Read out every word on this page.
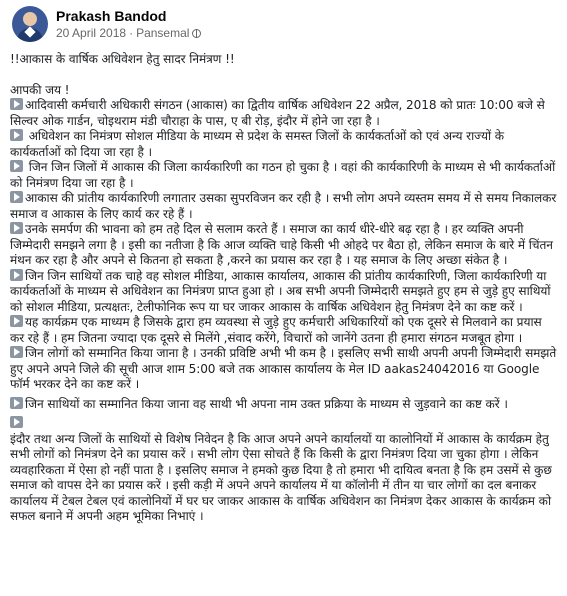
Prakash Bandod
20 April 2018 · Pansemal

!!आकास के वार्षिक अधिवेशन हेतु सादर निमंत्रण !!

आपकी जय !

आदिवासी कर्मचारी अधिकारी संगठन (आकास) का द्वितीय वार्षिक अधिवेशन 22 अप्रैल, 2018 को प्रातः 10:00 बजे से सिल्वर ओक गार्डन, चोइथराम मंडी चौराहा के पास, ए बी रोड़, इंदौर में होने जा रहा है ।

अधिवेशन का निमंत्रण सोशल मीडिया के माध्यम से प्रदेश के समस्त जिलों के कार्यकर्ताओं को एवं अन्य राज्यों के कार्यकर्ताओं को दिया जा रहा है ।

जिन जिन जिलों में आकास की जिला कार्यकारिणी का गठन हो चुका है । वहां की कार्यकारिणी के माध्यम से भी कार्यकर्ताओं को निमंत्रण दिया जा रहा है ।

आकास की प्रांतीय कार्यकारिणी लगातार उसका सुपरविजन कर रही है । सभी लोग अपने व्यस्तम समय में से समय निकालकर समाज व आकास के लिए कार्य कर रहे हैं ।

उनके समर्पण की भावना को हम तहे दिल से सलाम करते हैं । समाज का कार्य धीरे-धीरे बढ़ रहा है । हर व्यक्ति अपनी जिम्मेदारी समझने लगा है । इसी का नतीजा है कि आज व्यक्ति चाहे किसी भी ओहदे पर बैठा हो, लेकिन समाज के बारे में चिंतन मंथन कर रहा है और अपने से कितना हो सकता है ,करने का प्रयास कर रहा है । यह समाज के लिए अच्छा संकेत है ।

जिन जिन साथियों तक चाहे वह सोशल मीडिया, आकास कार्यालय, आकास की प्रांतीय कार्यकारिणी, जिला कार्यकारिणी या कार्यकर्ताओं के माध्यम से अधिवेशन का निमंत्रण प्राप्त हुआ हो । अब सभी अपनी जिम्मेदारी समझते हुए हम से जुड़े हुए साथियों को सोशल मीडिया, प्रत्यक्षतः, टेलीफोनिक रूप या घर जाकर आकास के वार्षिक अधिवेशन हेतु निमंत्रण देने का कष्ट करें ।

यह कार्यक्रम एक माध्यम है जिसके द्वारा हम व्यवस्था से जुड़े हुए कर्मचारी अधिकारियों को एक दूसरे से मिलवाने का प्रयास कर रहे हैं । हम जितना ज्यादा एक दूसरे से मिलेंगे ,संवाद करेंगे, विचारों को जानेंगे उतना ही हमारा संगठन मजबूत होगा ।

जिन लोगों को सम्मानित किया जाना है । उनकी प्रविष्टि अभी भी कम है । इसलिए सभी साथी अपनी अपनी जिम्मेदारी समझते हुए अपने अपने जिले की सूची आज शाम 5:00 बजे तक आकास कार्यालय के मेल ID aakas24042016 या Google फॉर्म भरकर देने का कष्ट करें ।

जिन साथियों का सम्मानित किया जाना वह साथी भी अपना नाम उक्त प्रक्रिया के माध्यम से जुड़वाने का कष्ट करें ।

इंदौर तथा अन्य जिलों के साथियों से विशेष निवेदन है कि आज अपने अपने कार्यालयों या कालोनियों में आकास के कार्यक्रम हेतु सभी लोगों को निमंत्रण देने का प्रयास करें । सभी लोग ऐसा सोचते हैं कि किसी के द्वारा निमंत्रण दिया जा चुका होगा । लेकिन व्यवहारिकता में ऐसा हो नहीं पाता है । इसलिए समाज ने हमको कुछ दिया है तो हमारा भी दायित्व बनता है कि हम उसमें से कुछ समाज को वापस देने का प्रयास करें । इसी कड़ी में अपने अपने कार्यालय में या कॉलोनी में तीन या चार लोगों का दल बनाकर कार्यालय में टेबल टेबल एवं कालोनियों में घर घर जाकर आकास के वार्षिक अधिवेशन का निमंत्रण देकर आकास के कार्यक्रम को सफल बनाने में अपनी अहम भूमिका निभाएं ।
